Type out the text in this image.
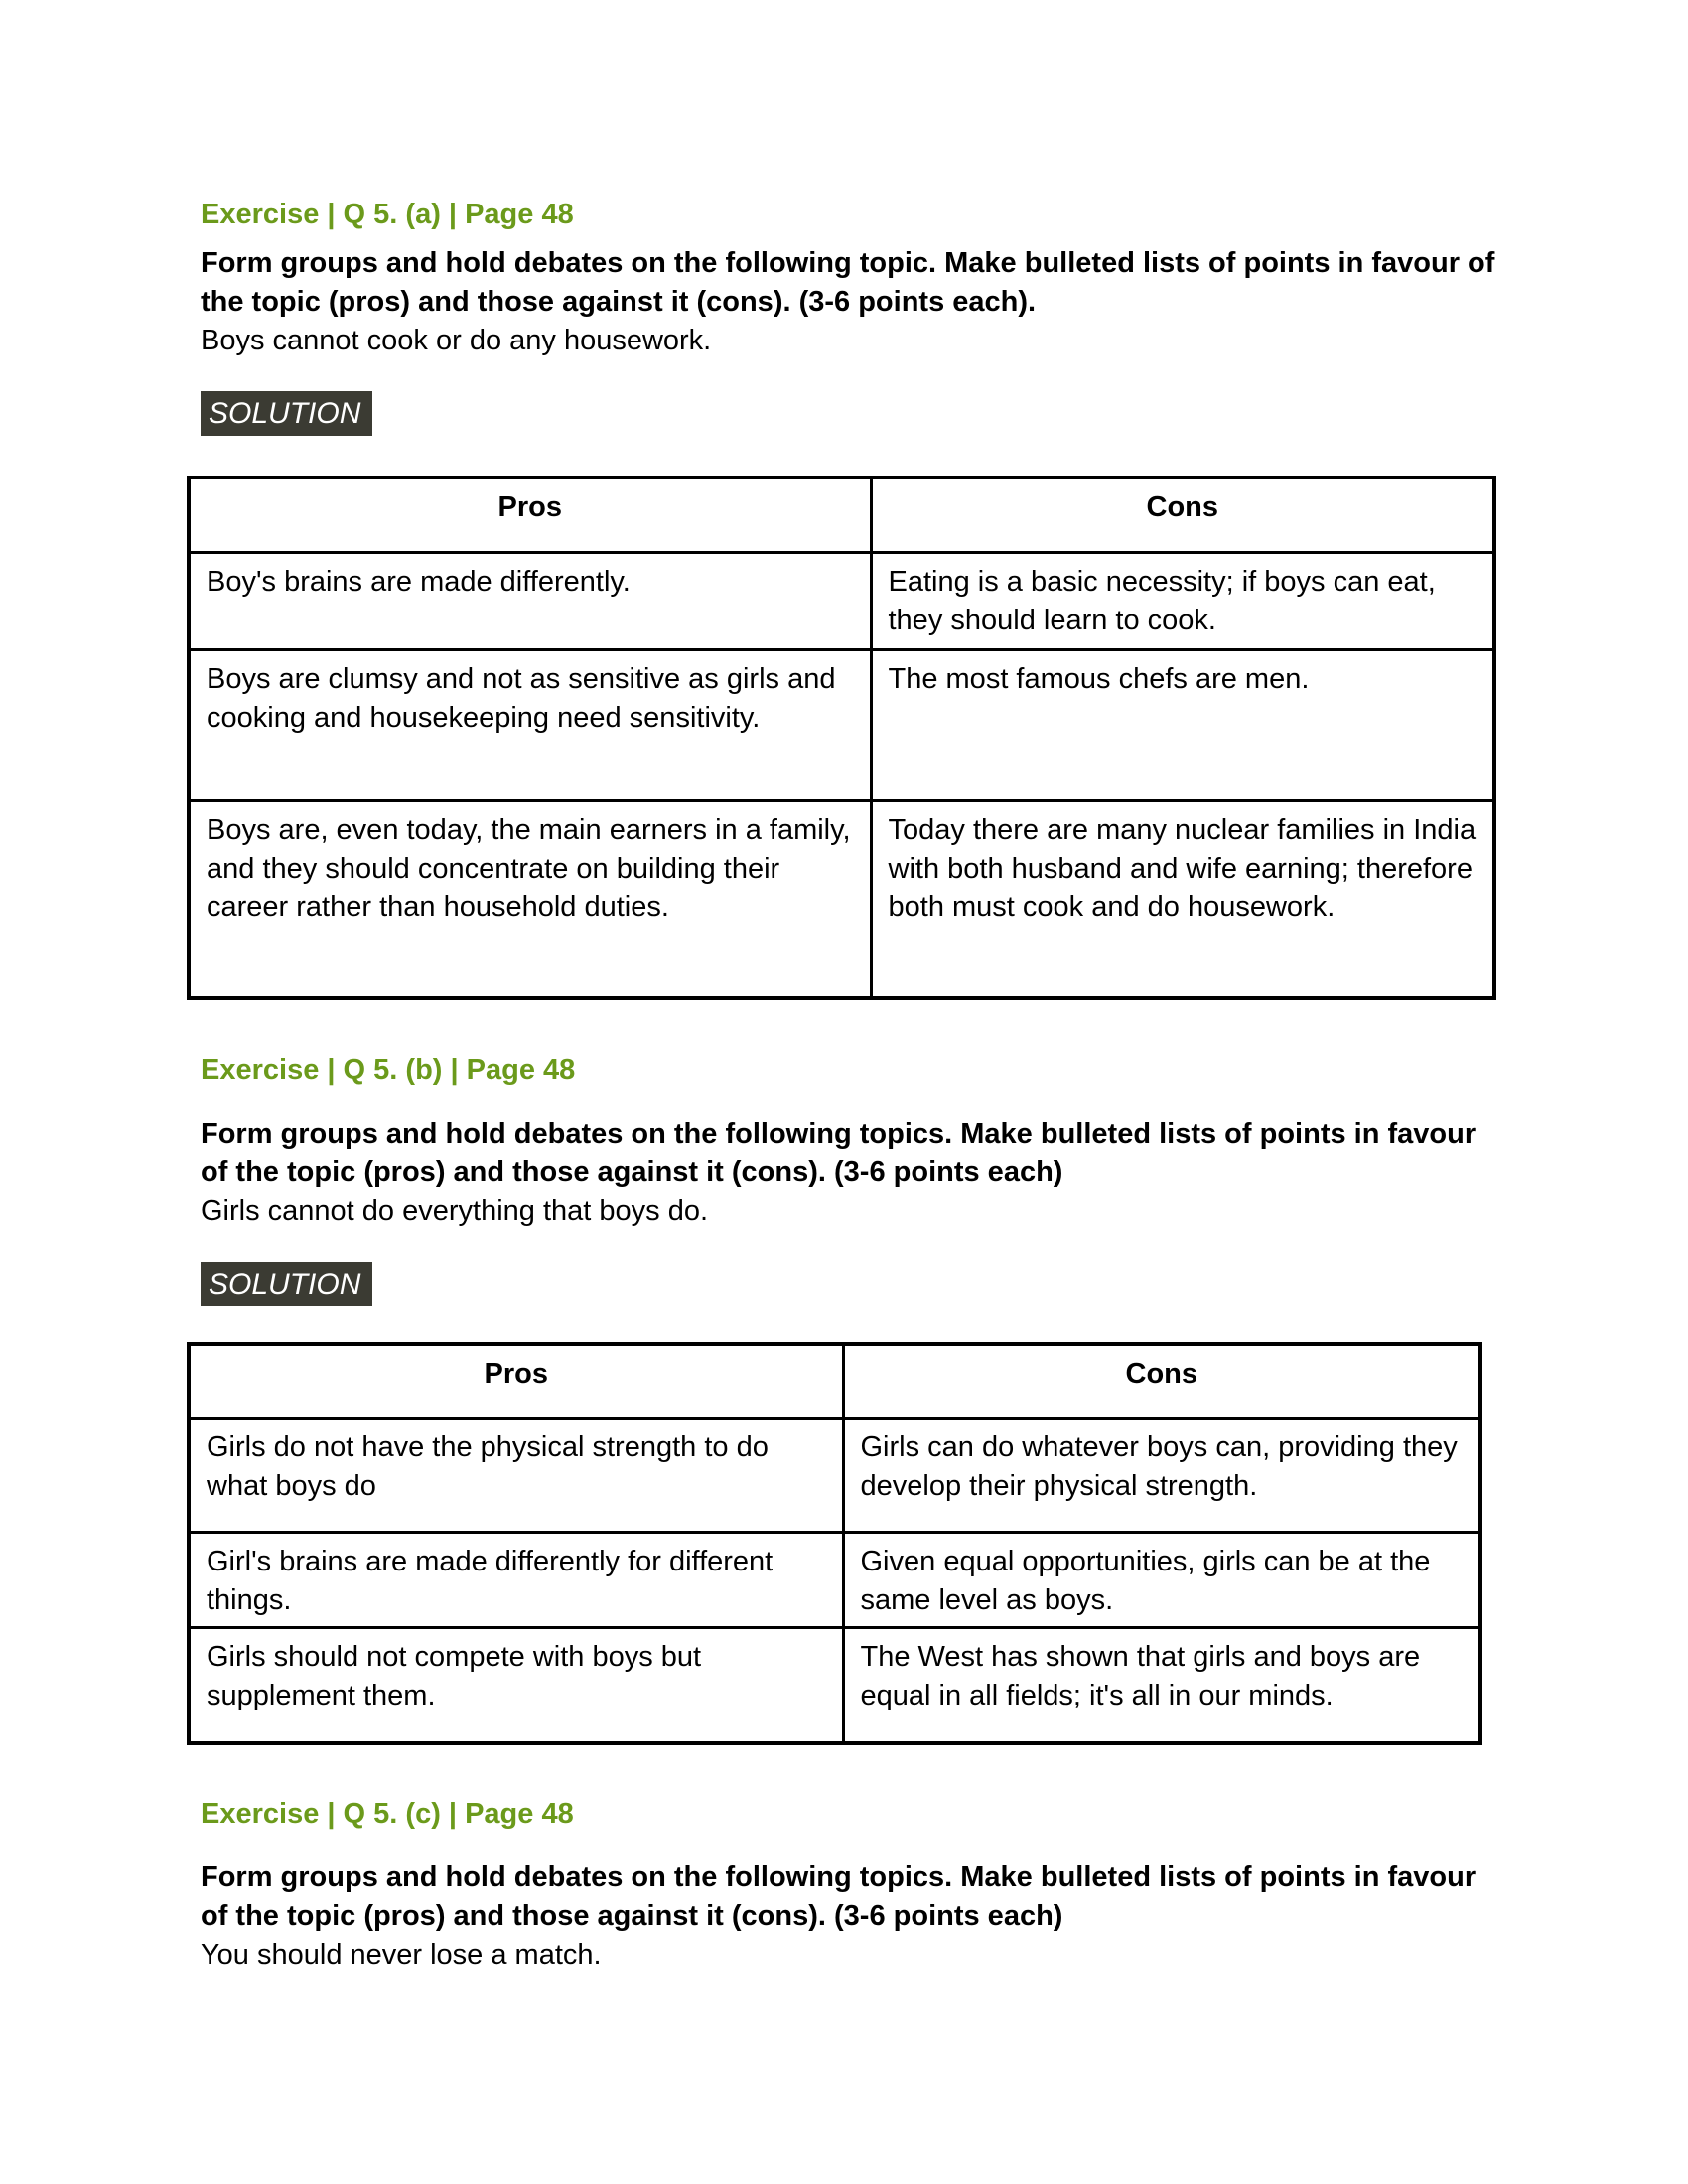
Exercise | Q 5. (a) | Page 48

Form groups and hold debates on the following topic. Make bulleted lists of points in favour of the topic (pros) and those against it (cons). (3-6 points each).

Boys cannot cook or do any housework.

SOLUTION
Pros	Cons
Boy's brains are made differently.	Eating is a basic necessity; if boys can eat, they should learn to cook.
Boys are clumsy and not as sensitive as girls and cooking and housekeeping need sensitivity.	The most famous chefs are men.
Boys are, even today, the main earners in a family, and they should concentrate on building their career rather than household duties.	Today there are many nuclear families in India with both husband and wife earning; therefore both must cook and do housework.
Exercise | Q 5. (b) | Page 48

Form groups and hold debates on the following topics. Make bulleted lists of points in favour of the topic (pros) and those against it (cons). (3-6 points each)

Girls cannot do everything that boys do.

SOLUTION
Pros	Cons
Girls do not have the physical strength to do what boys do	Girls can do whatever boys can, providing they develop their physical strength.
Girl's brains are made differently for different things.	Given equal opportunities, girls can be at the same level as boys.
Girls should not compete with boys but supplement them.	The West has shown that girls and boys are equal in all fields; it's all in our minds.
Exercise | Q 5. (c) | Page 48

Form groups and hold debates on the following topics. Make bulleted lists of points in favour of the topic (pros) and those against it (cons). (3-6 points each)

You should never lose a match.
